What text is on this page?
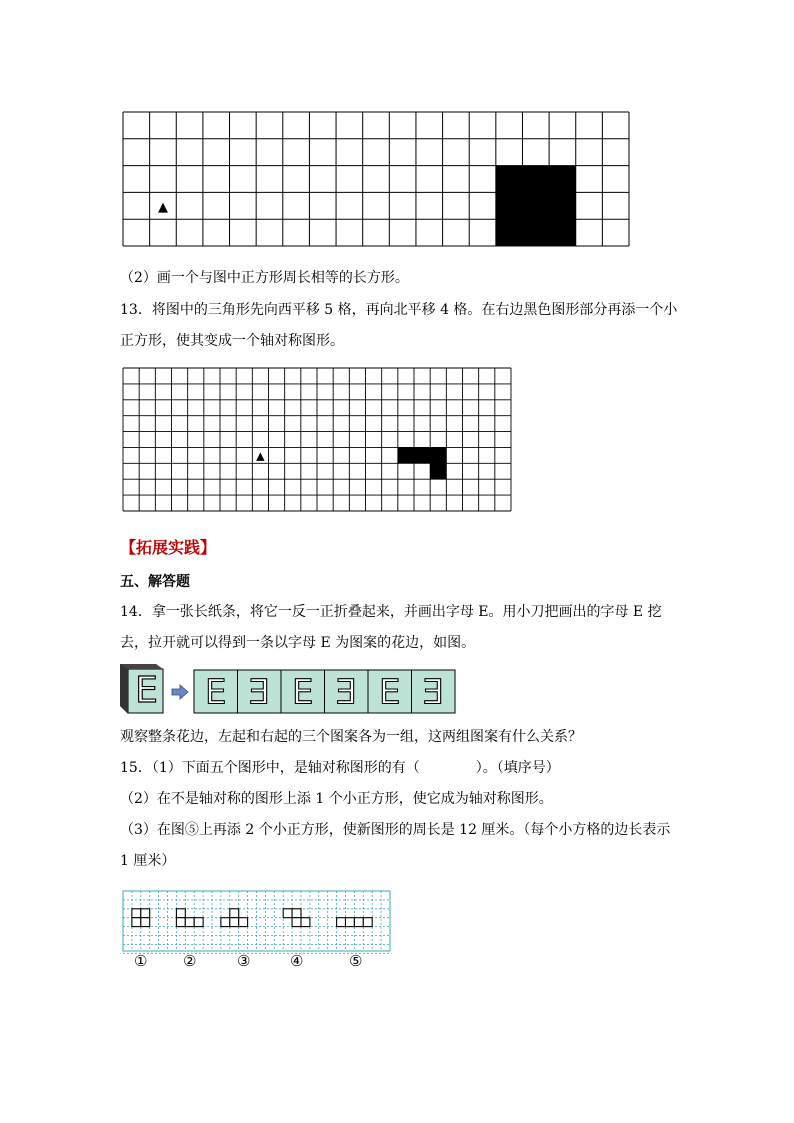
▲
（2）画一个与图中正方形周长相等的长方形。
13．将图中的三角形先向西平移 5 格，再向北平移 4 格。在右边黑色图形部分再添一个小
正方形，使其变成一个轴对称图形。
▲
【拓展实践】
五、解答题
14．拿一张长纸条，将它一反一正折叠起来，并画出字母 E。用小刀把画出的字母 E 挖
去，拉开就可以得到一条以字母 E 为图案的花边，如图。
E Ǝ E Ǝ E Ǝ
E
观察整条花边，左起和右起的三个图案各为一组，这两组图案有什么关系？
15．（1）下面五个图形中，是轴对称图形的有（　　　　）。（填序号）
（2）在不是轴对称的图形上添 1 个小正方形，使它成为轴对称图形。
（3）在图⑤上再添 2 个小正方形，使新图形的周长是 12 厘米。（每个小方格的边长表示
1 厘米）
① ②	③	④	⑤
